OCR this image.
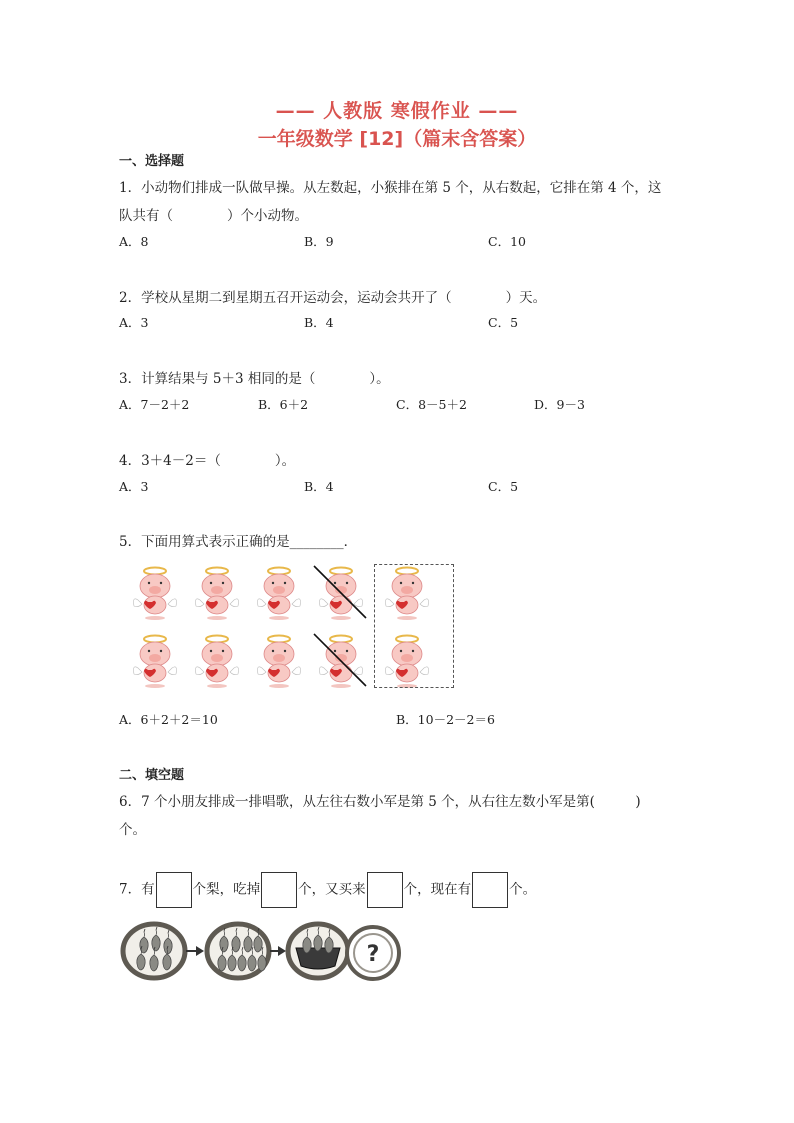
—— 人教版 寒假作业 ——
一年级数学 [12]（篇末含答案）
一、选择题
1．小动物们排成一队做早操。从左数起，小猴排在第 5 个，从右数起，它排在第 4 个，这
队共有（　　　　）个小动物。
A．8	B．9	C．10
2．学校从星期二到星期五召开运动会，运动会共开了（　　　　）天。
A．3	B．4	C．5
3．计算结果与 5＋3 相同的是（　　　　）。
A．7－2＋2	B．6＋2	C．8－5＋2	D．9－3
4．3＋4－2＝（　　　　）。
A．3	B．4	C．5
5．下面用算式表示正确的是________．
A．6＋2＋2＝10	B．10－2－2＝6
二、填空题
6．7 个小朋友排成一排唱歌，从左往右数小军是第 5 个，从右往左数小军是第(　　　)
个。
7．有	个梨，吃掉	个，又买来	个，现在有	个。
?
